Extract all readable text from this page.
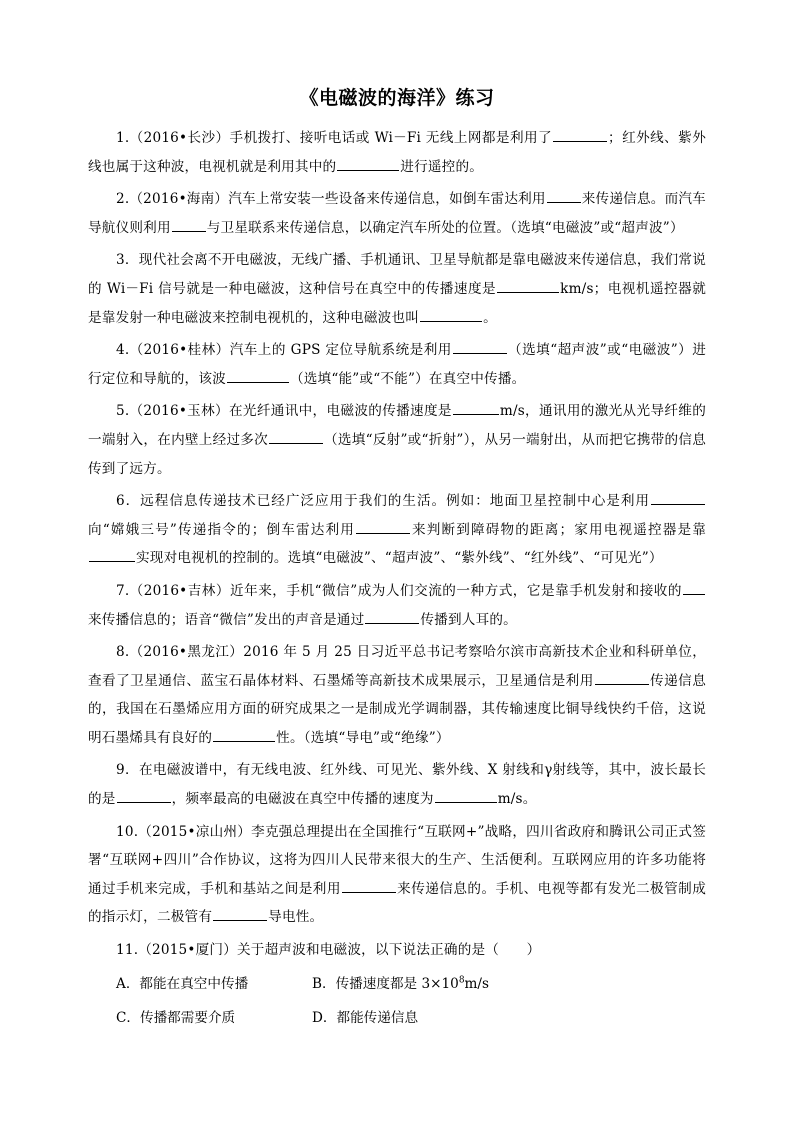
《电磁波的海洋》练习

1.（2016•长沙）手机拨打、接听电话或 Wi－Fi 无线上网都是利用了	；红外线、紫外线也属于这种波，电视机就是利用其中的	进行遥控的。

2.（2016•海南）汽车上常安装一些设备来传递信息，如倒车雷达利用	来传递信息。而汽车导航仪则利用	与卫星联系来传递信息，以确定汽车所处的位置。（选填“电磁波”或“超声波”）

3．现代社会离不开电磁波，无线广播、手机通讯、卫星导航都是靠电磁波来传递信息，我们常说的 Wi－Fi 信号就是一种电磁波，这种信号在真空中的传播速度是	km/s；电视机遥控器就是靠发射一种电磁波来控制电视机的，这种电磁波也叫	。

4.（2016•桂林）汽车上的 GPS 定位导航系统是利用	（选填“超声波”或“电磁波”）进行定位和导航的，该波	（选填“能”或“不能”）在真空中传播。

5.（2016•玉林）在光纤通讯中，电磁波的传播速度是	m/s，通讯用的激光从光导纤维的一端射入，在内壁上经过多次	（选填“反射”或“折射”），从另一端射出，从而把它携带的信息传到了远方。

6．远程信息传递技术已经广泛应用于我们的生活。例如：地面卫星控制中心是利用向“嫦娥三号”传递指令的；倒车雷达利用	来判断到障碍物的距离；家用电视遥控器是靠实现对电视机的控制的。选填“电磁波”、“超声波”、“紫外线”、“红外线”、“可见光”）

7.（2016•吉林）近年来，手机“微信”成为人们交流的一种方式，它是靠手机发射和接收的来传播信息的；语音“微信”发出的声音是通过	传播到人耳的。

8.（2016•黑龙江）2016 年 5 月 25 日习近平总书记考察哈尔滨市高新技术企业和科研单位，查看了卫星通信、蓝宝石晶体材料、石墨烯等高新技术成果展示，卫星通信是利用	传递信息的，我国在石墨烯应用方面的研究成果之一是制成光学调制器，其传输速度比铜导线快约千倍，这说明石墨烯具有良好的	性。（选填“导电”或“绝缘”）

9．在电磁波谱中，有无线电波、红外线、可见光、紫外线、X 射线和γ射线等，其中，波长最长的是	，频率最高的电磁波在真空中传播的速度为	m/s。

10.（2015•凉山州）李克强总理提出在全国推行“互联网+”战略，四川省政府和腾讯公司正式签署“互联网+四川”合作协议，这将为四川人民带来很大的生产、生活便利。互联网应用的许多功能将通过手机来完成，手机和基站之间是利用	来传递信息的。手机、电视等都有发光二极管制成的指示灯，二极管有	导电性。

11.（2015•厦门）关于超声波和电磁波，以下说法正确的是（　　）

A．都能在真空中传播	B．传播速度都是 $3\times 10^8m/s$
C．传播都需要介质	D．都能传递信息
